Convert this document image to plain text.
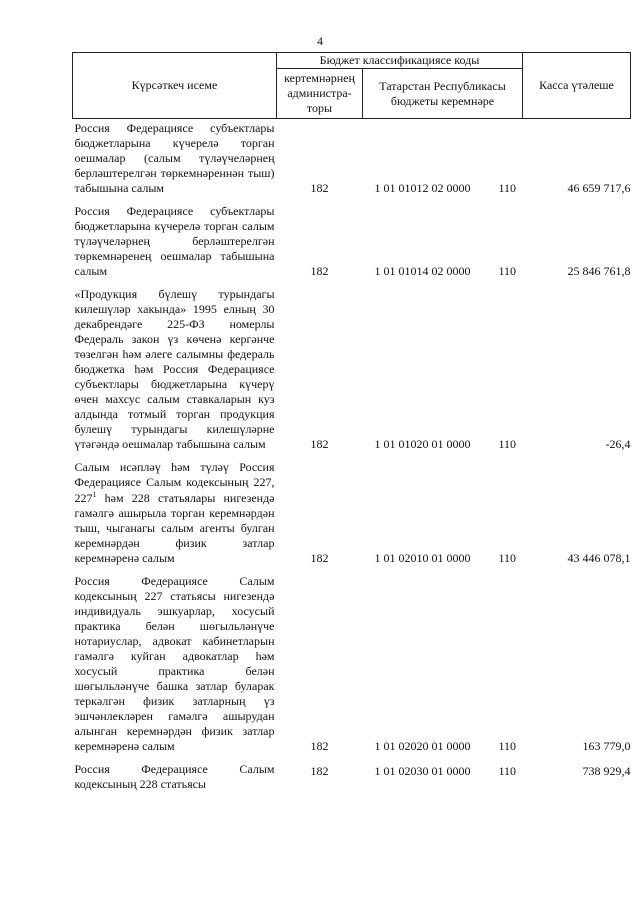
4
Күрсәткеч исеме	Бюджет классификациясе коды		Касса үтәлеше
	кертемнәрнең администра-торы	Татарстан Республикасы бюджеты керемнәре	
Россия Федерациясе субъектлары бюджетларына күчерелә торган оешмалар (салым түләүчеләрнең берләштерелгән төркемнәреннән тыш) табышына салым	182	1 01 01012 02 0000 110	46 659 717,6
Россия Федерациясе субъектлары бюджетларына күчерелә торган салым түләүчеләрнең берләштерелгән төркемнәренең оешмалар табышына салым	182	1 01 01014 02 0000 110	25 846 761,8
«Продукция бүлешү турындагы килешүләр хакында» 1995 елның 30 декабрендәге 225-ФЗ номерлы Федераль закон үз көченә кергәнче төзелгән һәм әлеге салымны федераль бюджетка һәм Россия Федерациясе субъектлары бюджетларына күчерү өчен махсус салым ставкаларын куз алдында тотмый торган продукция булешү турындагы килешүләрне үтәгәндә оешмалар табышына салым	182	1 01 01020 01 0000 110	-26,4
Салым исәпләү һәм түләү Россия Федерациясе Салым кодексының 227, $227^1$ һәм 228 статьялары нигезендә гамәлгә ашырыла торган керемнәрдән тыш, чыганагы салым агенты булган керемнәрдән физик затлар керемнәренә салым	182	1 01 02010 01 0000 110	43 446 078,1
Россия Федерациясе Салым кодексының 227 статьясы нигезендә индивидуаль эшкуарлар, хосусый практика белән шөгыльләнүче нотариуслар, адвокат кабинетларын гамәлгә куйган адвокатлар һәм хосусый практика белән шөгыльләнүче башка затлар буларак теркәлгән физик затларның үз эшчәнлекләрен гамәлгә ашырудан алынган керемнәрдән физик затлар керемнәренә салым	182	1 01 02020 01 0000 110	163 779,0
Россия Федерациясе Салым кодексының 228 статьясы	182	1 01 02030 01 0000 110	738 929,4
